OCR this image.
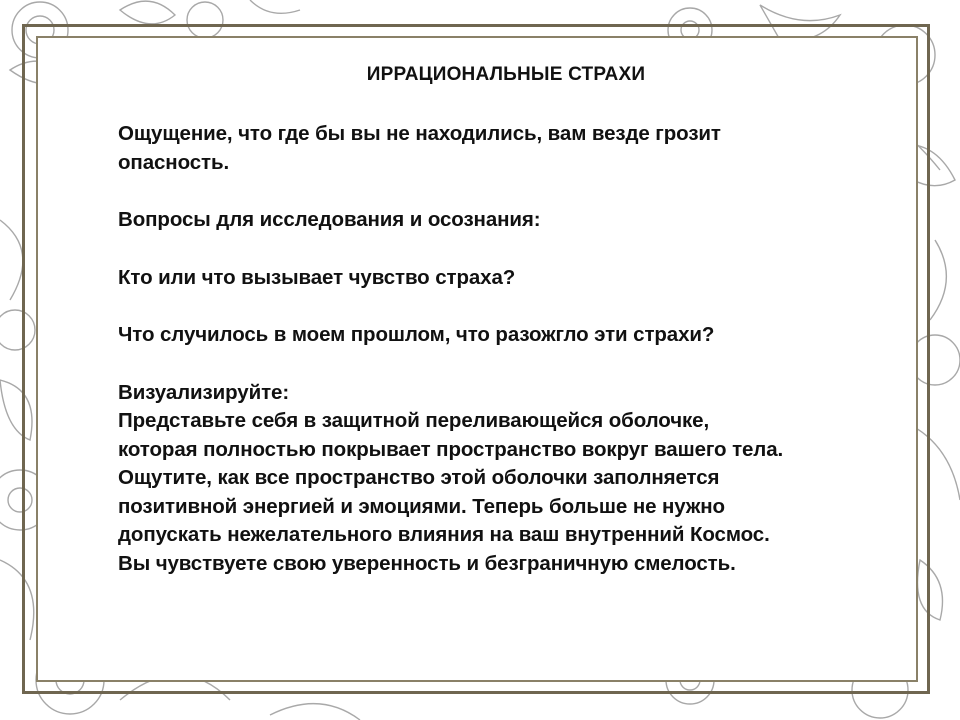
ИРРАЦИОНАЛЬНЫЕ СТРАХИ

Ощущение, что где бы вы не находились, вам везде грозит

опасность.

Вопросы для исследования и осознания:

Кто или что вызывает чувство страха?

Что случилось в моем прошлом, что разожгло эти страхи?

Визуализируйте:

Представьте себя в защитной переливающейся оболочке,

которая полностью покрывает пространство вокруг вашего тела.

Ощутите, как все пространство этой оболочки заполняется

позитивной энергией и эмоциями. Теперь больше не нужно

допускать нежелательного влияния на ваш внутренний Космос.

Вы чувствуете свою уверенность и безграничную смелость.
